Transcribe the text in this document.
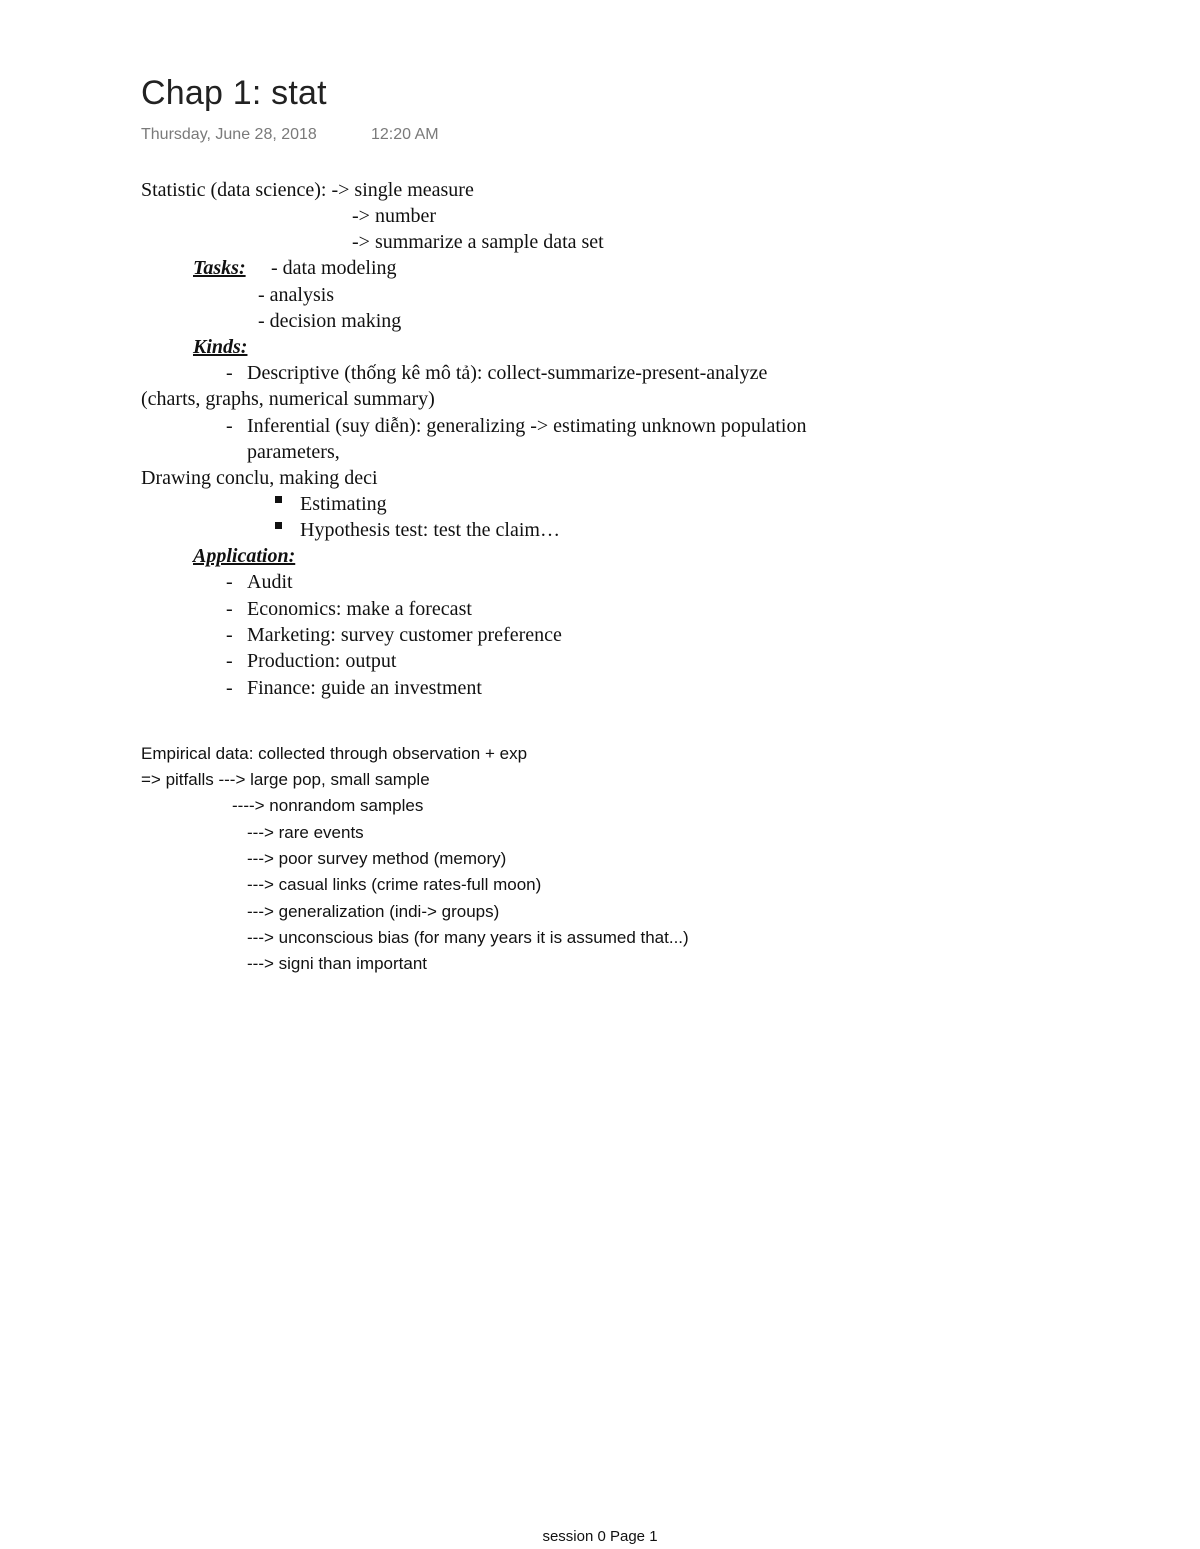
Chap 1: stat
Thursday, June 28, 2018	12:20 AM
Statistic (data science): -> single measure
-> number
-> summarize a sample data set
Tasks: - data modeling
- analysis
- decision making
Kinds:
- Descriptive (thống kê mô tả): collect-summarize-present-analyze
(charts, graphs, numerical summary)
- Inferential (suy diễn): generalizing -> estimating unknown population
parameters,
Drawing conclu, making deci
Estimating
Hypothesis test: test the claim…
Application:
- Audit
- Economics: make a forecast
- Marketing: survey customer preference
- Production: output
- Finance: guide an investment
Empirical data: collected through observation + exp
=> pitfalls ---> large pop, small sample
----> nonrandom samples
---> rare events
---> poor survey method (memory)
---> casual links (crime rates-full moon)
---> generalization (indi-> groups)
---> unconscious bias (for many years it is assumed that...)
---> signi than important
session 0 Page 1
